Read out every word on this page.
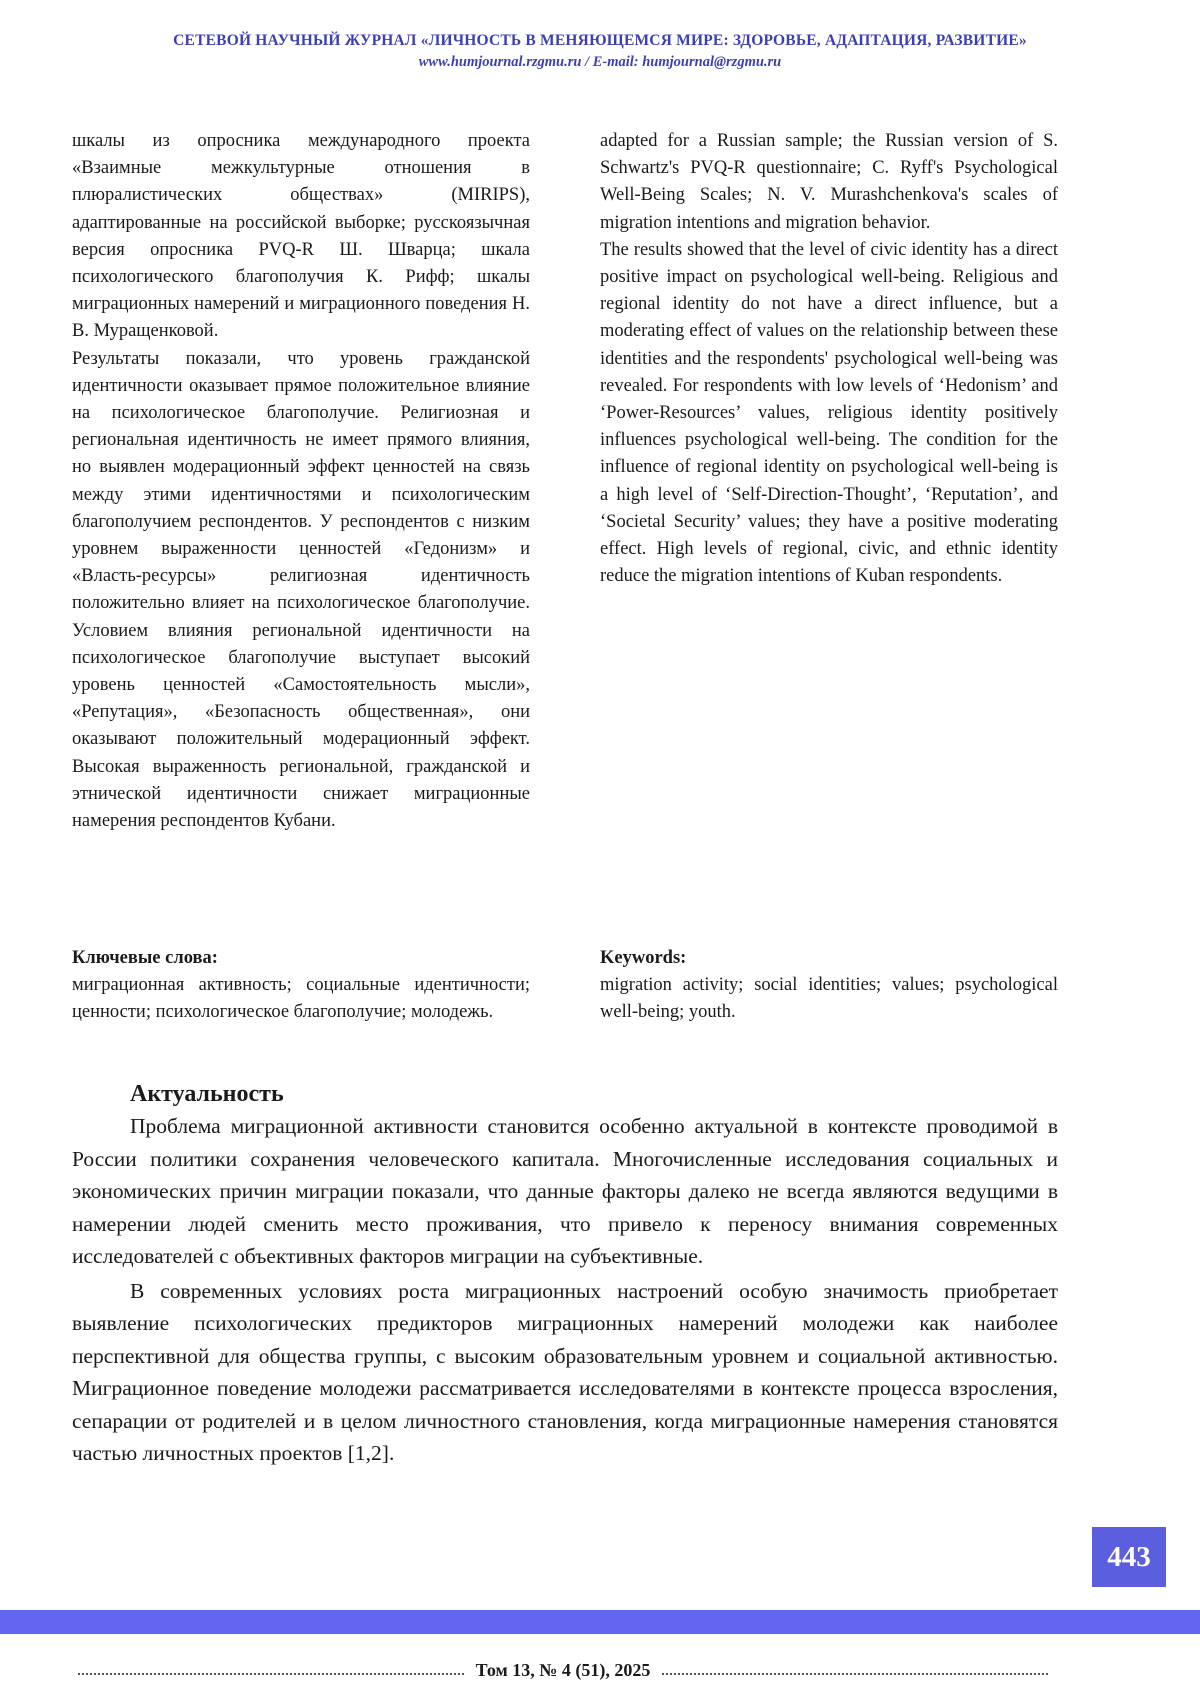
СЕТЕВОЙ НАУЧНЫЙ ЖУРНАЛ «ЛИЧНОСТЬ В МЕНЯЮЩЕМСЯ МИРЕ: ЗДОРОВЬЕ, АДАПТАЦИЯ, РАЗВИТИЕ»
www.humjournal.rzgmu.ru / E-mail: humjournal@rzgmu.ru

шкалы из опросника международного проекта «Взаимные межкультурные отношения в плюралистических обществах» (MIRIPS), адаптированные на российской выборке; русскоязычная версия опросника PVQ-R Ш. Шварца; шкала психологического благополучия К. Рифф; шкалы миграционных намерений и миграционного поведения Н. В. Муращенковой.

Результаты показали, что уровень гражданской идентичности оказывает прямое положительное влияние на психологическое благополучие. Религиозная и региональная идентичность не имеет прямого влияния, но выявлен модерационный эффект ценностей на связь между этими идентичностями и психологическим благополучием респондентов. У респондентов с низким уровнем выраженности ценностей «Гедонизм» и «Власть-ресурсы» религиозная идентичность положительно влияет на психологическое благополучие. Условием влияния региональной идентичности на психологическое благополучие выступает высокий уровень ценностей «Самостоятельность мысли», «Репутация», «Безопасность общественная», они оказывают положительный модерационный эффект. Высокая выраженность региональной, гражданской и этнической идентичности снижает миграционные намерения респондентов Кубани.

adapted for a Russian sample; the Russian version of S. Schwartz's PVQ-R questionnaire; C. Ryff's Psychological Well-Being Scales; N. V. Murashchenkova's scales of migration intentions and migration behavior.

The results showed that the level of civic identity has a direct positive impact on psychological well-being. Religious and regional identity do not have a direct influence, but a moderating effect of values on the relationship between these identities and the respondents' psychological well-being was revealed. For respondents with low levels of ‘Hedonism’ and ‘Power-Resources’ values, religious identity positively influences psychological well-being. The condition for the influence of regional identity on psychological well-being is a high level of ‘Self-Direction-Thought’, ‘Reputation’, and ‘Societal Security’ values; they have a positive moderating effect. High levels of regional, civic, and ethnic identity reduce the migration intentions of Kuban respondents.

Ключевые слова:
миграционная активность; социальные идентичности; ценности; психологическое благополучие; молодежь.
Keywords:
migration activity; social identities; values; psychological well-being; youth.
Актуальность

Проблема миграционной активности становится особенно актуальной в контексте проводимой в России политики сохранения человеческого капитала. Многочисленные исследования социальных и экономических причин миграции показали, что данные факторы далеко не всегда являются ведущими в намерении людей сменить место проживания, что привело к переносу внимания современных исследователей с объективных факторов миграции на субъективные.

В современных условиях роста миграционных настроений особую значимость приобретает выявление психологических предикторов миграционных намерений молодежи как наиболее перспективной для общества группы, с высоким образовательным уровнем и социальной активностью. Миграционное поведение молодежи рассматривается исследователями в контексте процесса взросления, сепарации от родителей и в целом личностного становления, когда миграционные намерения становятся частью личностных проектов [1,2].

443
Том 13, № 4 (51), 2025
